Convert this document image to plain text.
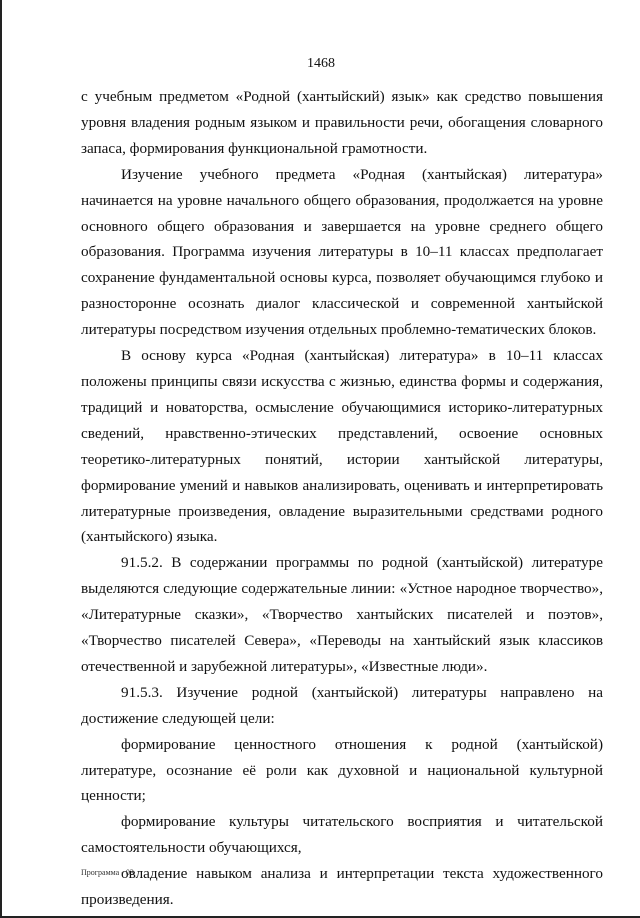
1468

с учебным предметом «Родной (хантыйский) язык» как средство повышения уровня владения родным языком и правильности речи, обогащения словарного запаса, формирования функциональной грамотности.

Изучение учебного предмета «Родная (хантыйская) литература» начинается на уровне начального общего образования, продолжается на уровне основного общего образования и завершается на уровне среднего общего образования. Программа изучения литературы в 10–11 классах предполагает сохранение фундаментальной основы курса, позволяет обучающимся глубоко и разносторонне осознать диалог классической и современной хантыйской литературы посредством изучения отдельных проблемно-тематических блоков.

В основу курса «Родная (хантыйская) литература» в 10–11 классах положены принципы связи искусства с жизнью, единства формы и содержания, традиций и новаторства, осмысление обучающимися историко-литературных сведений, нравственно-этических представлений, освоение основных теоретико-литературных понятий, истории хантыйской литературы, формирование умений и навыков анализировать, оценивать и интерпретировать литературные произведения, овладение выразительными средствами родного (хантыйского) языка.

91.5.2. В содержании программы по родной (хантыйской) литературе выделяются следующие содержательные линии: «Устное народное творчество», «Литературные сказки», «Творчество хантыйских писателей и поэтов», «Творчество писателей Севера», «Переводы на хантыйский язык классиков отечественной и зарубежной литературы», «Известные люди».

91.5.3. Изучение родной (хантыйской) литературы направлено на достижение следующей цели:

формирование ценностного отношения к родной (хантыйской) литературе, осознание её роли как духовной и национальной культурной ценности;

формирование культуры читательского восприятия и читательской самостоятельности обучающихся,

овладение навыком анализа и интерпретации текста художественного произведения.

Программа - 03
